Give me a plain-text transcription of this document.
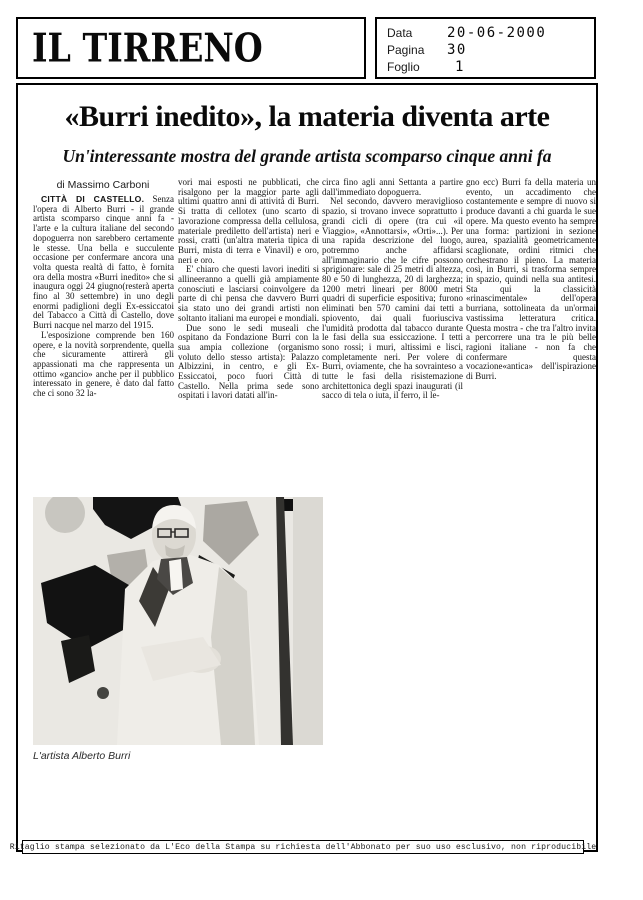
IL TIRRENO	Data	20-06-2000
Pagina	30
Foglio	1
«Burri inedito», la materia diventa arte
Un'interessante mostra del grande artista scomparso cinque anni fa
di Massimo Carboni

CITTÀ DI CASTELLO. Senza l'opera di Alberto Burri - il grande artista scomparso cinque anni fa - l'arte e la cultura italiane del secondo dopoguerra non sarebbero certamente le stesse. Una bella e succulente occasione per confermare ancora una volta questa realtà di fatto, è fornita ora della mostra «Burri inedito» che si inaugura oggi 24 giugno(resterà aperta fino al 30 settembre) in uno degli enormi padiglioni degli Ex-essiccatoi del Tabacco a Città di Castello, dove Burri nacque nel marzo del 1915.

L'esposizione comprende ben 160 opere, e la novità sorprendente, quella che sicuramente attirerà gli appassionati ma che rappresenta un ottimo «gancio» anche per il pubblico interessato in genere, è dato dal fatto che ci sono 32 la-

vori mai esposti ne pubblicati, che risalgono per la maggior parte agli ultimi quattro anni di attività di Burri. Si tratta di cellotex (uno scarto di lavorazione compressa della cellulosa, materiale prediletto dell'artista) neri e rossi, cratti (un'altra materia tipica di Burri, mista di terra e Vinavil) e oro, neri e oro.

E' chiaro che questi lavori inediti si allineeranno a quelli già ampiamente conosciuti e lasciarsi coinvolgere da parte di chi pensa che davvero Burri sia stato uno dei grandi artisti non soltanto italiani ma europei e mondiali.

Due sono le sedi museali che ospitano da Fondazione Burri con la sua ampia collezione (organismo voluto dello stesso artista): Palazzo Albizzini, in centro, e gli Ex-Essiccatoi, poco fuori Città di Castello. Nella prima sede sono ospitati i lavori datati all'in-

circa fino agli anni Settanta a partire dall'immediato dopoguerra.

Nel secondo, davvero meraviglioso spazio, si trovano invece soprattutto i grandi cicli di opere (tra cui «il Viaggio», «Annottarsi», «Orti»...). Per una rapida descrizione del luogo, potremmo anche affidarsi all'immaginario che le cifre possono sprigionare: sale di 25 metri di altezza, 80 e 50 di lunghezza, 20 di larghezza; 1200 metri lineari per 8000 metri quadri di superficie espositiva; furono eliminati ben 570 camini dai tetti a spiovento, dai quali fuoriusciva l'umidità prodotta dal tabacco durante le fasi della sua essiccazione. I tetti sono rossi; i muri, altissimi e lisci, completamente neri. Per volere di Burri, oviamente, che ha sovrainteso a tutte le fasi della risistemazione architettonica degli spazi inaugurati (il sacco di tela o iuta, il ferro, il le-

gno ecc) Burri fa della materia un evento, un accadimento che costantemente e sempre di nuovo si produce davanti a chi guarda le sue opere. Ma questo evento ha sempre una forma: partizioni in sezione aurea, spazialità geometricamente scaglionate, ordini ritmici che orchestrano il pieno. La materia così, in Burri, si trasforma sempre in spazio, quindi nella sua antitesi. Sta qui la classicità «rinascimentale» dell'opera burriana, sottolineata da un'ormai vastissima letteratura critica. Questa mostra - che tra l'altro invita a percorrere una tra le più belle ragioni italiane - non fa che confermare questa vocazione«antica» dell'ispirazione di Burri.

L'artista Alberto Burri
Ritaglio stampa selezionato da L'Eco della Stampa su richiesta dell'Abbonato per suo uso esclusivo, non riproducibile
